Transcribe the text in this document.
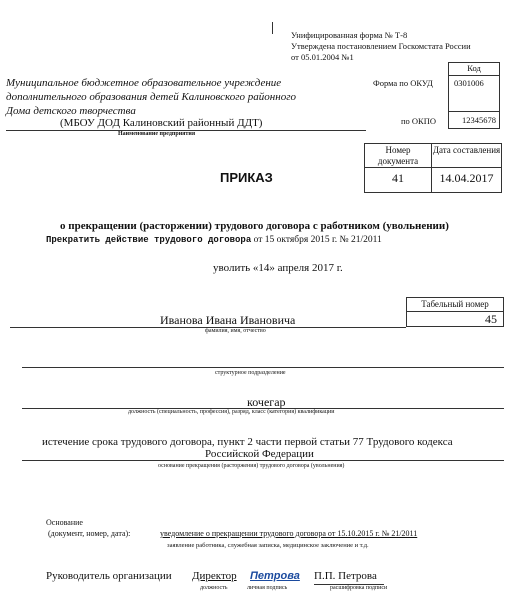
Унифицированная форма № Т-8
Утверждена постановлением Госкомстата России
от 05.01.2004 №1
Код
0301006
12345678
Форма по ОКУД
по ОКПО
Муниципальное бюджетное образовательное учреждение
дополнительного образования детей Калиновского районного
Дома детского творчества
(МБОУ ДОД Калиновский районный ДДТ)
Наименование предприятия
Номер документа
Дата составления
41	14.04.2017
ПРИКАЗ
о прекращении (расторжении) трудового договора с работником (увольнении)
Прекратить действие трудового договора от 15 октября 2015 г. № 21/2011
уволить «14» апреля 2017 г.
Табельный номер
45
Иванова Ивана Ивановича
фамилия, имя, отчество
структурное подразделение
кочегар
должность (специальность, профессия), разряд, класс (категория) квалификации
истечение срока трудового договора, пункт 2 части первой статьи 77 Трудового кодекса
Российской Федерации
основание прекращения (расторжения) трудового договора (увольнения)
Основание
(документ, номер, дата):	уведомление о прекращении трудового договора от 15.10.2015 г. № 21/2011
заявление работника, служебная записка, медицинское заключение и т.д.
Руководитель организации Директор Петрова П.П. Петрова
должность	личная подпись	расшифровка подписи
